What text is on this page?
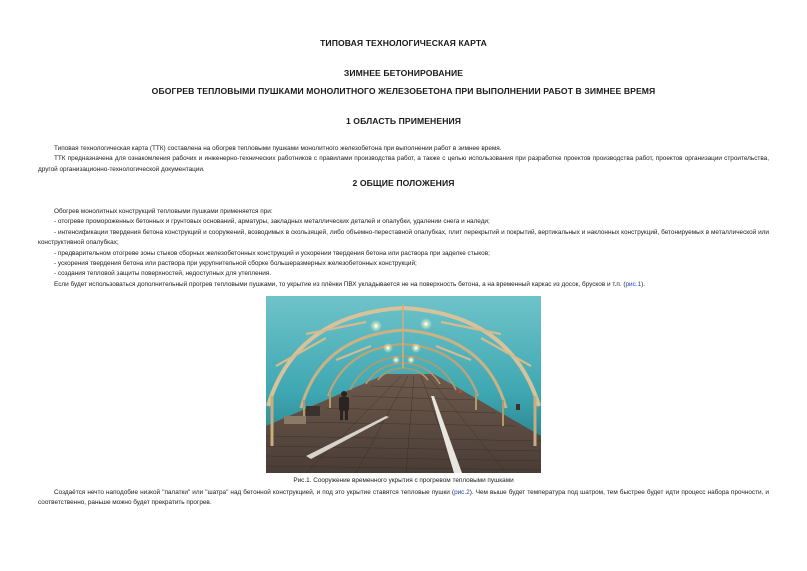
ТИПОВАЯ ТЕХНОЛОГИЧЕСКАЯ КАРТА
ЗИМНЕЕ БЕТОНИРОВАНИЕ
ОБОГРЕВ ТЕПЛОВЫМИ ПУШКАМИ МОНОЛИТНОГО ЖЕЛЕЗОБЕТОНА ПРИ ВЫПОЛНЕНИИ РАБОТ В ЗИМНЕЕ ВРЕМЯ
1 ОБЛАСТЬ ПРИМЕНЕНИЯ

Типовая технологическая карта (ТТК) составлена на обогрев тепловыми пушками монолитного железобетона при выполнении работ в зимнее время.

ТТК предназначена для ознакомления рабочих и инженерно-технических работников с правилами производства работ, а также с целью использования при разработке проектов производства работ, проектов организации строительства, другой организационно-технологической документации.

2 ОБЩИЕ ПОЛОЖЕНИЯ

Обогрев монолитных конструкций тепловыми пушками применяется при:

- отогреве промороженных бетонных и грунтовых оснований, арматуры, закладных металлических деталей и опалубки, удалении снега и наледи;

- интенсификации твердения бетона конструкций и сооружений, возводимых в скользящей, либо объемно-переставной опалубках, плит перекрытий и покрытий, вертикальных и наклонных конструкций, бетонируемых в металлической или конструктивной опалубках;

- предварительном отогреве зоны стыков сборных железобетонных конструкций и ускорении твердения бетона или раствора при заделке стыков;

- ускорения твердения бетона или раствора при укрупнительной сборке большеразмерных железобетонных конструкций;

- создания тепловой защиты поверхностей, недоступных для утепления.

Если будет использоваться дополнительный прогрев тепловыми пушками, то укрытие из плёнки ПВХ укладывается не на поверхность бетона, а на временный каркас из досок, брусков и т.п. (рис.1).

Рис.1. Сооружение временного укрытия с прогревом тепловыми пушками

Создаётся нечто наподобие низкой "палатки" или "шатра" над бетонной конструкцией, и под это укрытие ставятся тепловые пушки (рис.2). Чем выше будет температура под шатром, тем быстрее будет идти процесс набора прочности, и соответственно, раньше можно будет прекратить прогрев.
